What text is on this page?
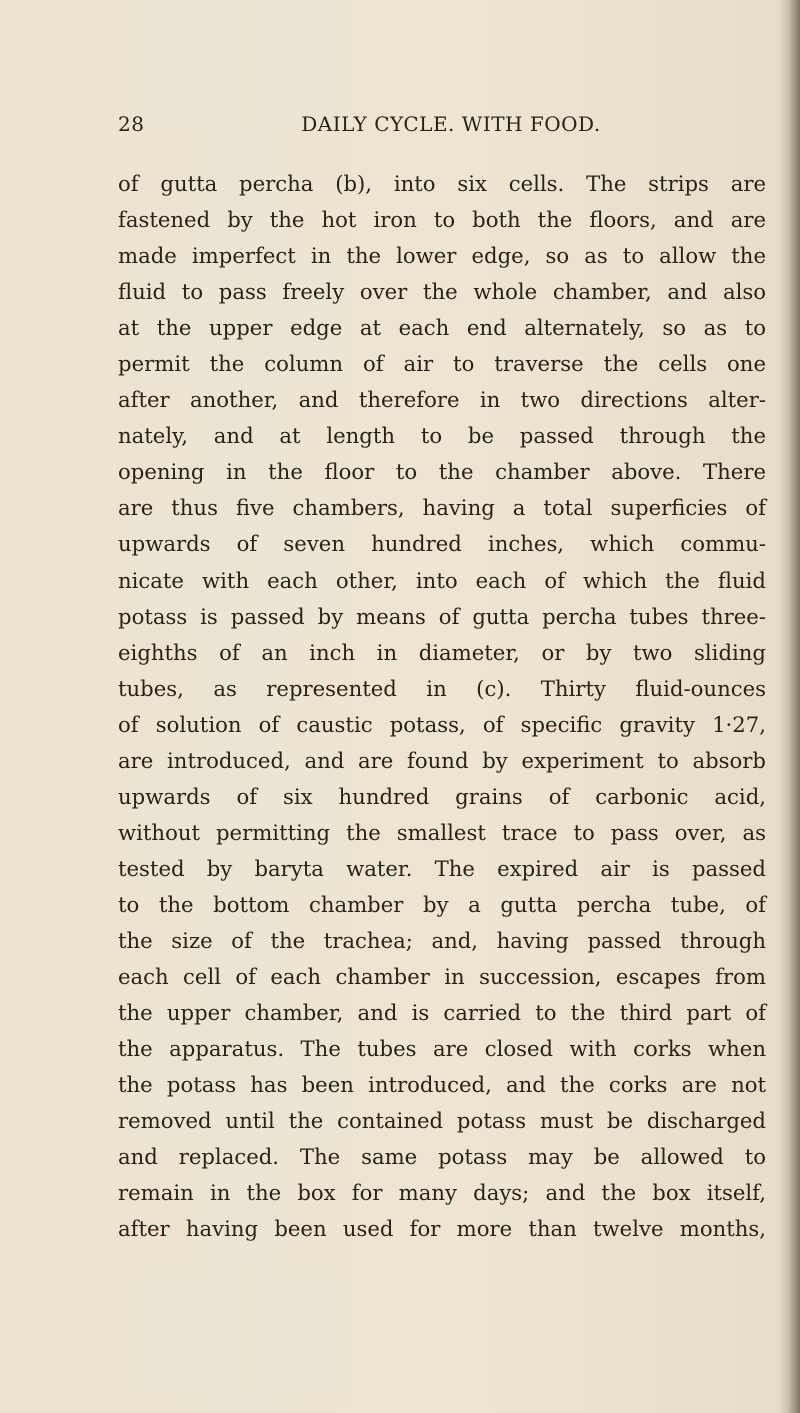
28	DAILY CYCLE. WITH FOOD.
of gutta percha (b), into six cells. The strips are
fastened by the hot iron to both the floors, and are
made imperfect in the lower edge, so as to allow the
fluid to pass freely over the whole chamber, and also
at the upper edge at each end alternately, so as to
permit the column of air to traverse the cells one
after another, and therefore in two directions alter-
nately, and at length to be passed through the
opening in the floor to the chamber above. There
are thus five chambers, having a total superficies of
upwards of seven hundred inches, which commu-
nicate with each other, into each of which the fluid
potass is passed by means of gutta percha tubes three-
eighths of an inch in diameter, or by two sliding
tubes, as represented in (c). Thirty fluid-ounces
of solution of caustic potass, of specific gravity 1·27,
are introduced, and are found by experiment to absorb
upwards of six hundred grains of carbonic acid,
without permitting the smallest trace to pass over, as
tested by baryta water. The expired air is passed
to the bottom chamber by a gutta percha tube, of
the size of the trachea; and, having passed through
each cell of each chamber in succession, escapes from
the upper chamber, and is carried to the third part of
the apparatus. The tubes are closed with corks when
the potass has been introduced, and the corks are not
removed until the contained potass must be discharged
and replaced. The same potass may be allowed to
remain in the box for many days; and the box itself,
after having been used for more than twelve months,
